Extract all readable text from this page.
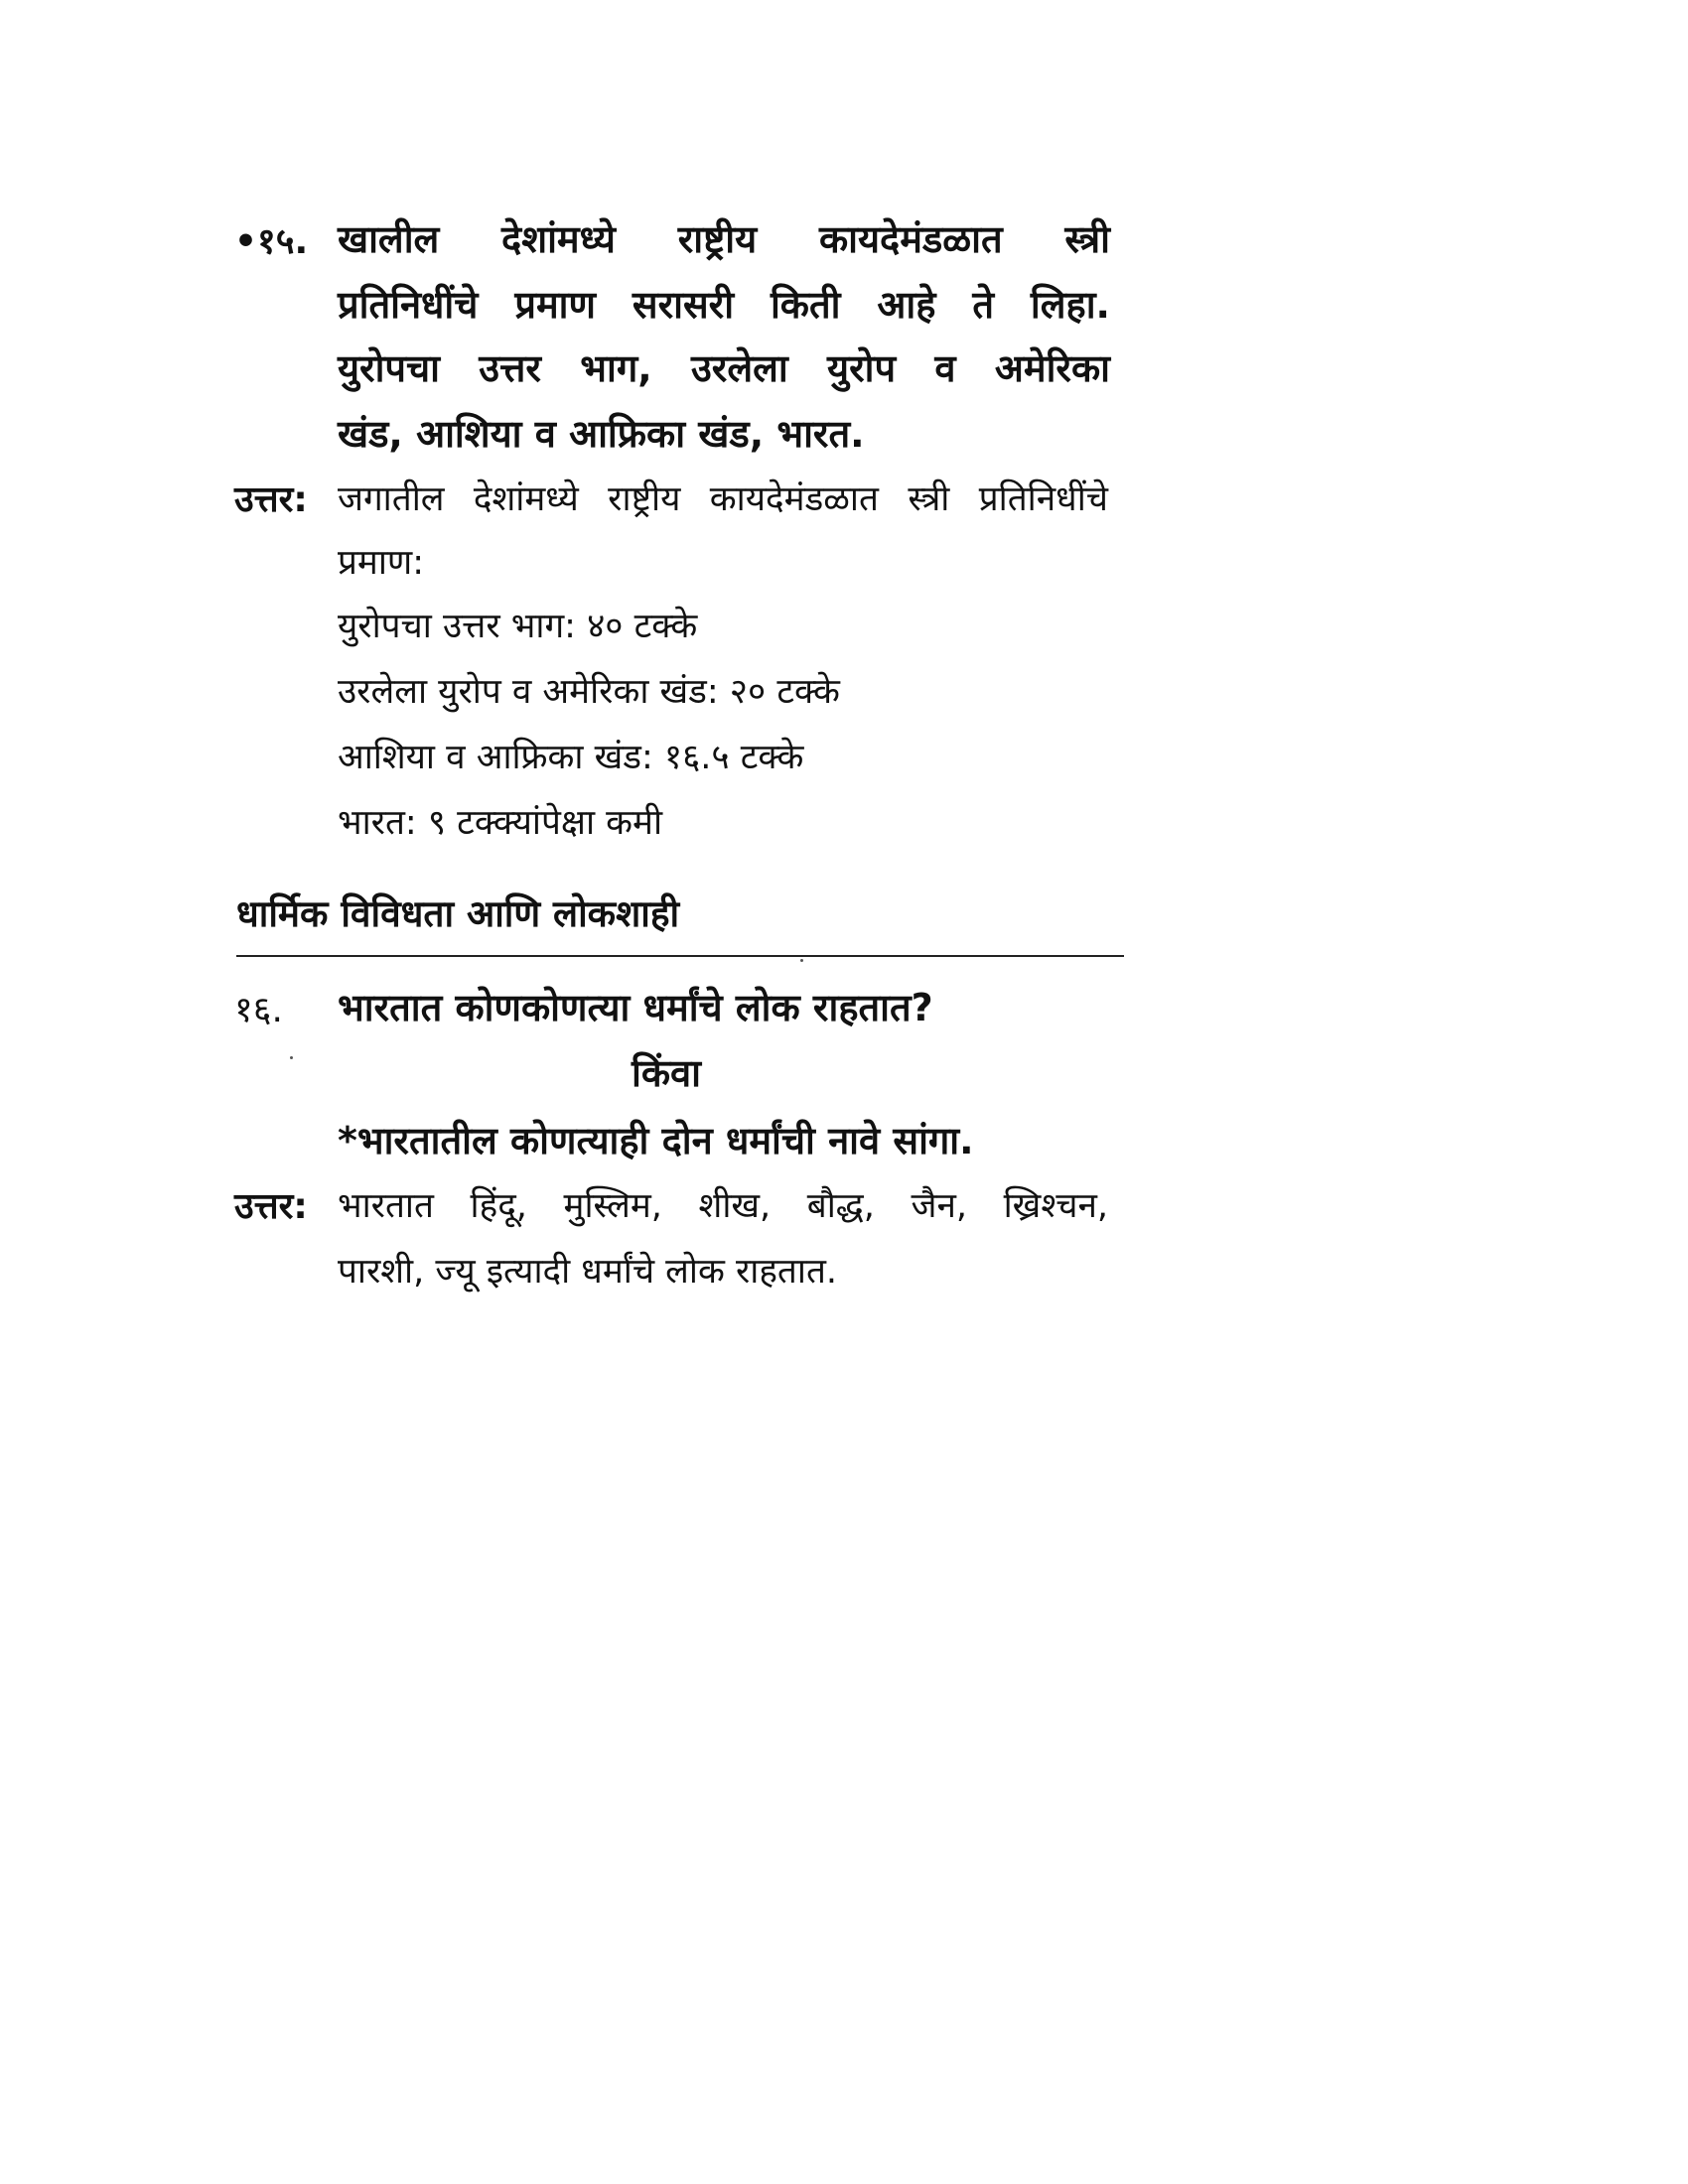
•१५. खालील देशांमध्ये राष्ट्रीय कायदेमंडळात स्त्री
प्रतिनिधींचे प्रमाण सरासरी किती आहे ते लिहा.
युरोपचा उत्तर भाग, उरलेला युरोप व अमेरिका
खंड, आशिया व आफ्रिका खंड, भारत.
उत्तर: जगातील देशांमध्ये राष्ट्रीय कायदेमंडळात स्त्री प्रतिनिधींचे
प्रमाण:
युरोपचा उत्तर भाग: ४० टक्के
उरलेला युरोप व अमेरिका खंड: २० टक्के
आशिया व आफ्रिका खंड: १६.५ टक्के
भारत: ९ टक्क्यांपेक्षा कमी
धार्मिक विविधता आणि लोकशाही
१६. भारतात कोणकोणत्या धर्मांचे लोक राहतात?
किंवा
*भारतातील कोणत्याही दोन धर्मांची नावे सांगा.
उत्तर: भारतात हिंदू, मुस्लिम, शीख, बौद्ध, जैन, ख्रिश्चन,
पारशी, ज्यू इत्यादी धर्मांचे लोक राहतात.
